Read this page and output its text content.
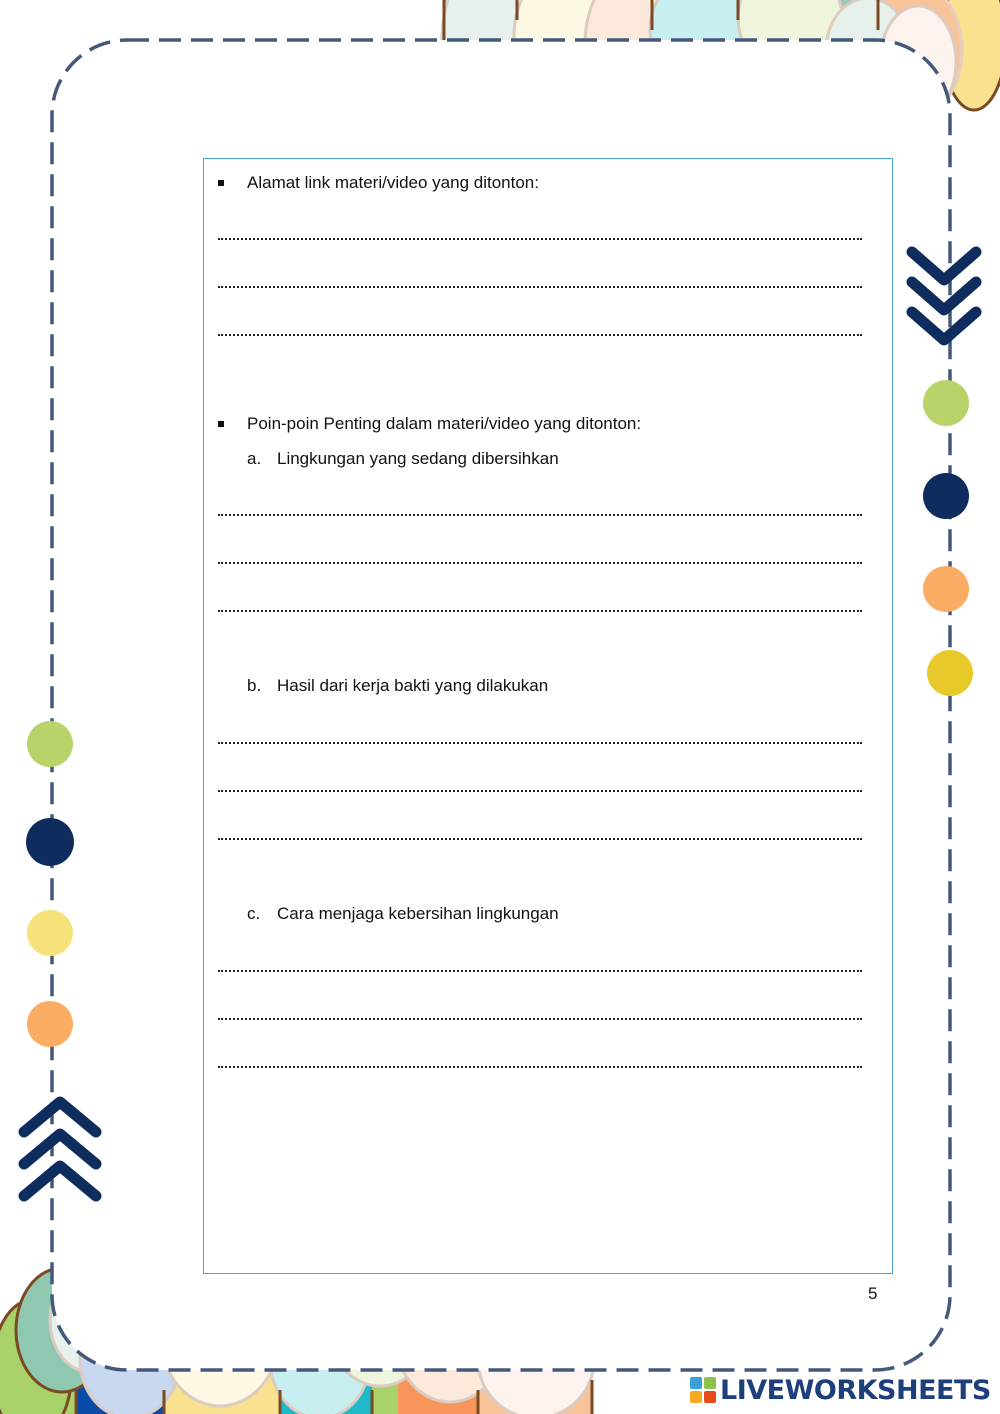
Alamat link materi/video yang ditonton:
Poin-poin Penting dalam materi/video yang ditonton:
a. Lingkungan yang sedang dibersihkan
b. Hasil dari kerja bakti yang dilakukan
c. Cara menjaga kebersihan lingkungan
5
LIVEWORKSHEETS
